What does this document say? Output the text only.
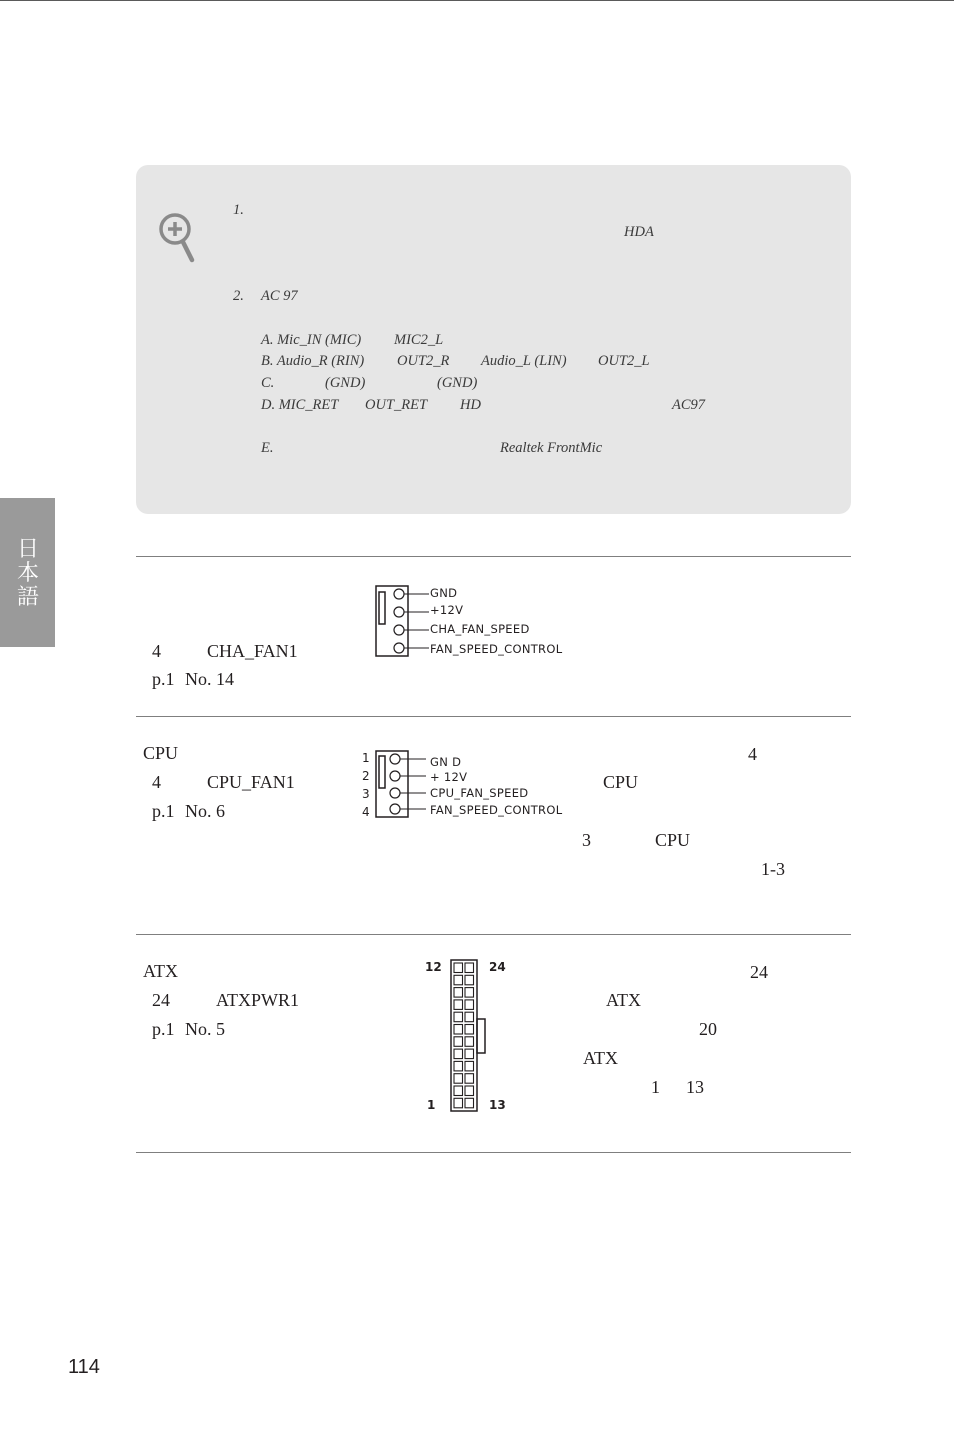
1.
HDA
2. AC 97
A. Mic_IN (MIC) MIC2_L
B. Audio_R (RIN) OUT2_R Audio_L (LIN) OUT2_L
C.	(GND)	(GND)
D. MIC_RET OUT_RET HD	AC97
E.	Realtek FrontMic
日本語
4	CHA_FAN1
p.1 No. 14
GND
+12V
CHA_FAN_SPEED
FAN_SPEED_CONTROL
CPU
4	CPU_FAN1
p.1 No. 6
1
2
3
4
GN D
+ 12V
CPU_FAN_SPEED
FAN_SPEED_CONTROL
4
CPU
3	CPU
1-3
ATX
24	ATXPWR1
p.1 No. 5
12	24
1	13
24
ATX
20
ATX
1 13
114
